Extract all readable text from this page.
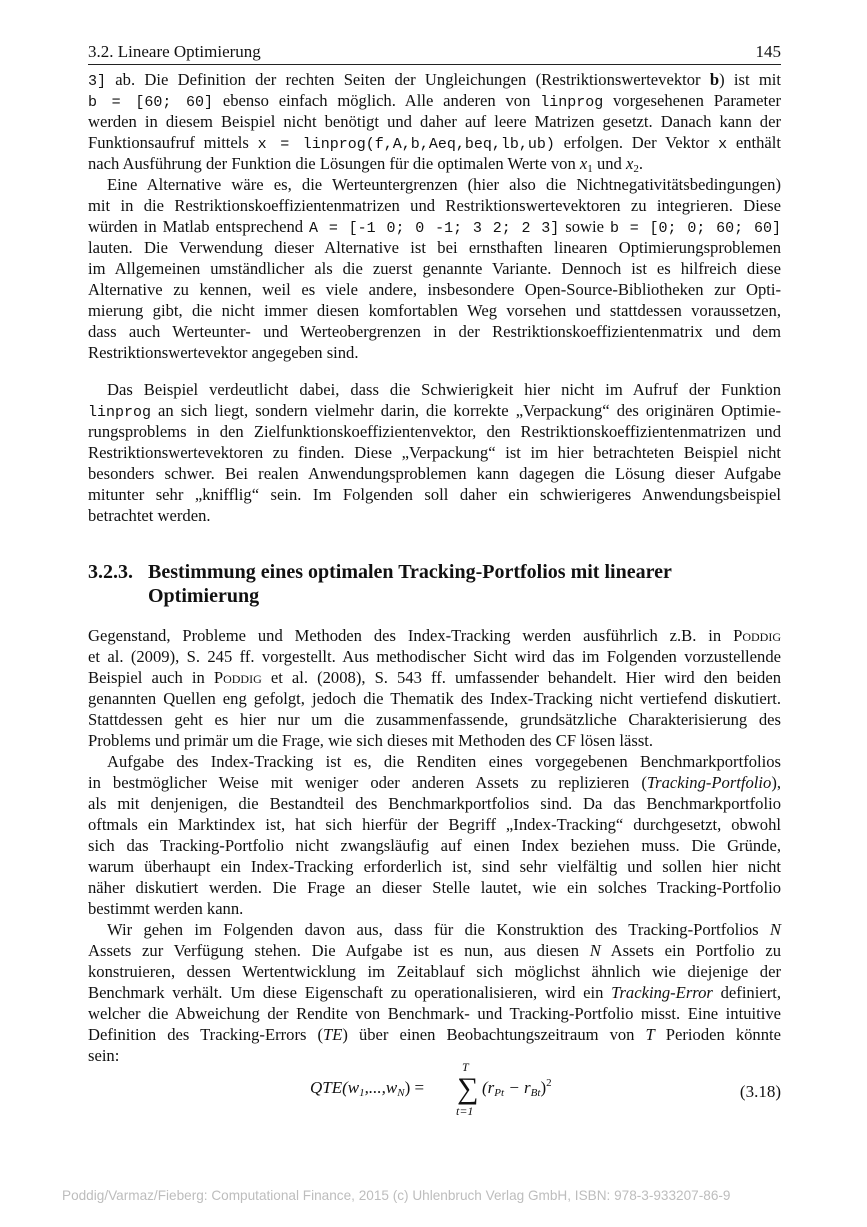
3.2. Lineare Optimierung	145
3] ab. Die Definition der rechten Seiten der Ungleichungen (Restriktionswertevektor b) ist mit
b = [60; 60] ebenso einfach möglich. Alle anderen von linprog vorgesehenen Parameter
werden in diesem Beispiel nicht benötigt und daher auf leere Matrizen gesetzt. Danach kann der
Funktionsaufruf mittels x = linprog(f,A,b,Aeq,beq,lb,ub) erfolgen. Der Vektor x enthält
nach Ausführung der Funktion die Lösungen für die optimalen Werte von $x_1$ und $x_2$.
Eine Alternative wäre es, die Werteuntergrenzen (hier also die Nichtnegativitätsbedingungen)
mit in die Restriktionskoeffizientenmatrizen und Restriktionswertevektoren zu integrieren. Diese
würden in Matlab entsprechend A = [-1 0; 0 -1; 3 2; 2 3] sowie b = [0; 0; 60; 60]
lauten. Die Verwendung dieser Alternative ist bei ernsthaften linearen Optimierungsproblemen
im Allgemeinen umständlicher als die zuerst genannte Variante. Dennoch ist es hilfreich diese
Alternative zu kennen, weil es viele andere, insbesondere Open-Source-Bibliotheken zur Opti-
mierung gibt, die nicht immer diesen komfortablen Weg vorsehen und stattdessen voraussetzen,
dass auch Werteunter- und Werteobergrenzen in der Restriktionskoeffizientenmatrix und dem
Restriktionswertevektor angegeben sind.
Das Beispiel verdeutlicht dabei, dass die Schwierigkeit hier nicht im Aufruf der Funktion
linprog an sich liegt, sondern vielmehr darin, die korrekte „Verpackung“ des originären Optimie-
rungsproblems in den Zielfunktionskoeffizientenvektor, den Restriktionskoeffizientenmatrizen und
Restriktionswertevektoren zu finden. Diese „Verpackung“ ist im hier betrachteten Beispiel nicht
besonders schwer. Bei realen Anwendungsproblemen kann dagegen die Lösung dieser Aufgabe
mitunter sehr „knifflig“ sein. Im Folgenden soll daher ein schwierigeres Anwendungsbeispiel
betrachtet werden.
3.2.3. Bestimmung eines optimalen Tracking-Portfolios mit linearer
Optimierung
Gegenstand, Probleme und Methoden des Index-Tracking werden ausführlich z.B. in Poddig
et al. (2009), S. 245 ff. vorgestellt. Aus methodischer Sicht wird das im Folgenden vorzustellende
Beispiel auch in Poddig et al. (2008), S. 543 ff. umfassender behandelt. Hier wird den beiden
genannten Quellen eng gefolgt, jedoch die Thematik des Index-Tracking nicht vertiefend diskutiert.
Stattdessen geht es hier nur um die zusammenfassende, grundsätzliche Charakterisierung des
Problems und primär um die Frage, wie sich dieses mit Methoden des CF lösen lässt.
Aufgabe des Index-Tracking ist es, die Renditen eines vorgegebenen Benchmarkportfolios
in bestmöglicher Weise mit weniger oder anderen Assets zu replizieren (Tracking-Portfolio),
als mit denjenigen, die Bestandteil des Benchmarkportfolios sind. Da das Benchmarkportfolio
oftmals ein Marktindex ist, hat sich hierfür der Begriff „Index-Tracking“ durchgesetzt, obwohl
sich das Tracking-Portfolio nicht zwangsläufig auf einen Index beziehen muss. Die Gründe,
warum überhaupt ein Index-Tracking erforderlich ist, sind sehr vielfältig und sollen hier nicht
näher diskutiert werden. Die Frage an dieser Stelle lautet, wie ein solches Tracking-Portfolio
bestimmt werden kann.
Wir gehen im Folgenden davon aus, dass für die Konstruktion des Tracking-Portfolios N
Assets zur Verfügung stehen. Die Aufgabe ist es nun, aus diesen N Assets ein Portfolio zu
konstruieren, dessen Wertentwicklung im Zeitablauf sich möglichst ähnlich wie diejenige der
Benchmark verhält. Um diese Eigenschaft zu operationalisieren, wird ein Tracking-Error definiert,
welcher die Abweichung der Rendite von Benchmark- und Tracking-Portfolio misst. Eine intuitive
Definition des Tracking-Errors (TE) über einen Beobachtungszeitraum von T Perioden könnte
sein:
$QTE(w_1,...,w_N)$ =
T
∑
t=1
$(r_{Pt} - r_{Bt})^2$	(3.18)
Poddig/Varmaz/Fieberg: Computational Finance, 2015 (c) Uhlenbruch Verlag GmbH, ISBN: 978-3-933207-86-9
